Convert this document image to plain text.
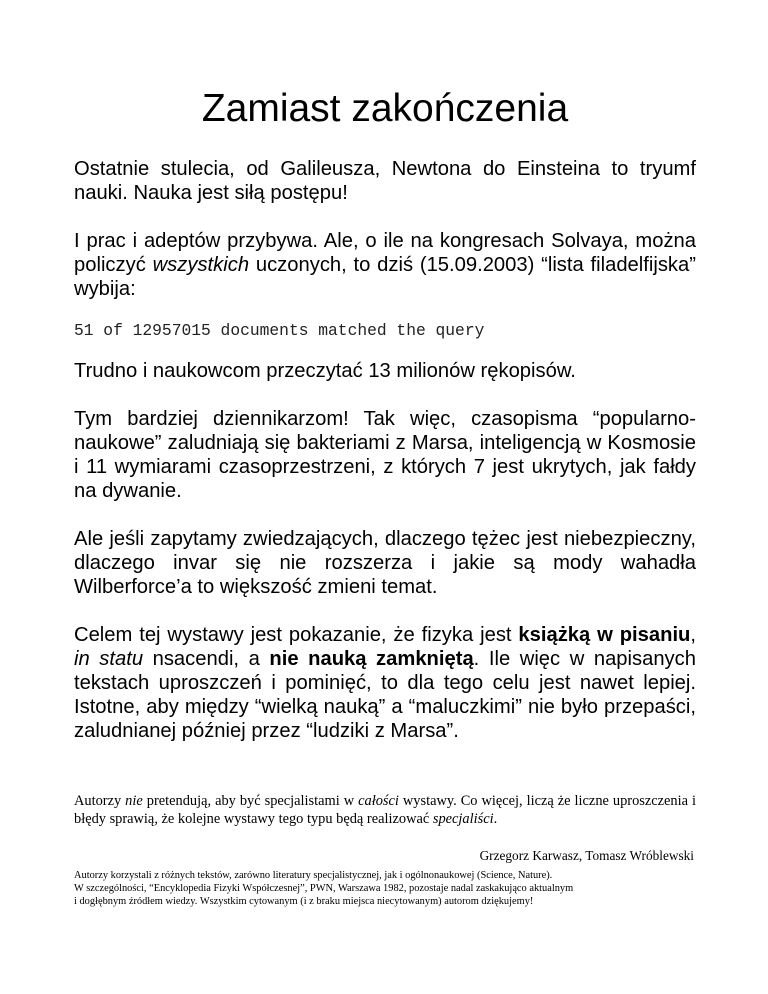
Zamiast zakończenia

Ostatnie stulecia, od Galileusza, Newtona do Einsteina to tryumf nauki. Nauka jest siłą postępu!

I prac i adeptów przybywa. Ale, o ile na kongresach Solvaya, można policzyć wszystkich uczonych, to dziś (15.09.2003) “lista filadelfijska” wybija:

51 of 12957015 documents matched the query

Trudno i naukowcom przeczytać 13 milionów rękopisów.

Tym bardziej dziennikarzom! Tak więc, czasopisma “popularno-naukowe” zaludniają się bakteriami z Marsa, inteligencją w Kosmosie i 11 wymiarami czasoprzestrzeni, z których 7 jest ukrytych, jak fałdy na dywanie.

Ale jeśli zapytamy zwiedzających, dlaczego tężec jest niebezpieczny, dlaczego invar się nie rozszerza i jakie są mody wahadła Wilberforce’a to większość zmieni temat.

Celem tej wystawy jest pokazanie, że fizyka jest książką w pisaniu, in statu nsacendi, a nie nauką zamkniętą. Ile więc w napisanych tekstach uproszczeń i pominięć, to dla tego celu jest nawet lepiej. Istotne, aby między “wielką nauką” a “maluczkimi” nie było przepaści, zaludnianej później przez “ludziki z Marsa”.

Autorzy nie pretendują, aby być specjalistami w całości wystawy. Co więcej, liczą że liczne uproszczenia i błędy sprawią, że kolejne wystawy tego typu będą realizować specjaliści.

Grzegorz Karwasz, Tomasz Wróblewski

Autorzy korzystali z różnych tekstów, zarówno literatury specjalistycznej, jak i ogólnonaukowej (Science, Nature).

W szczególności, “Encyklopedia Fizyki Współczesnej”, PWN, Warszawa 1982, pozostaje nadal zaskakująco aktualnym

i dogłębnym źródłem wiedzy. Wszystkim cytowanym (i z braku miejsca niecytowanym) autorom dziękujemy!
